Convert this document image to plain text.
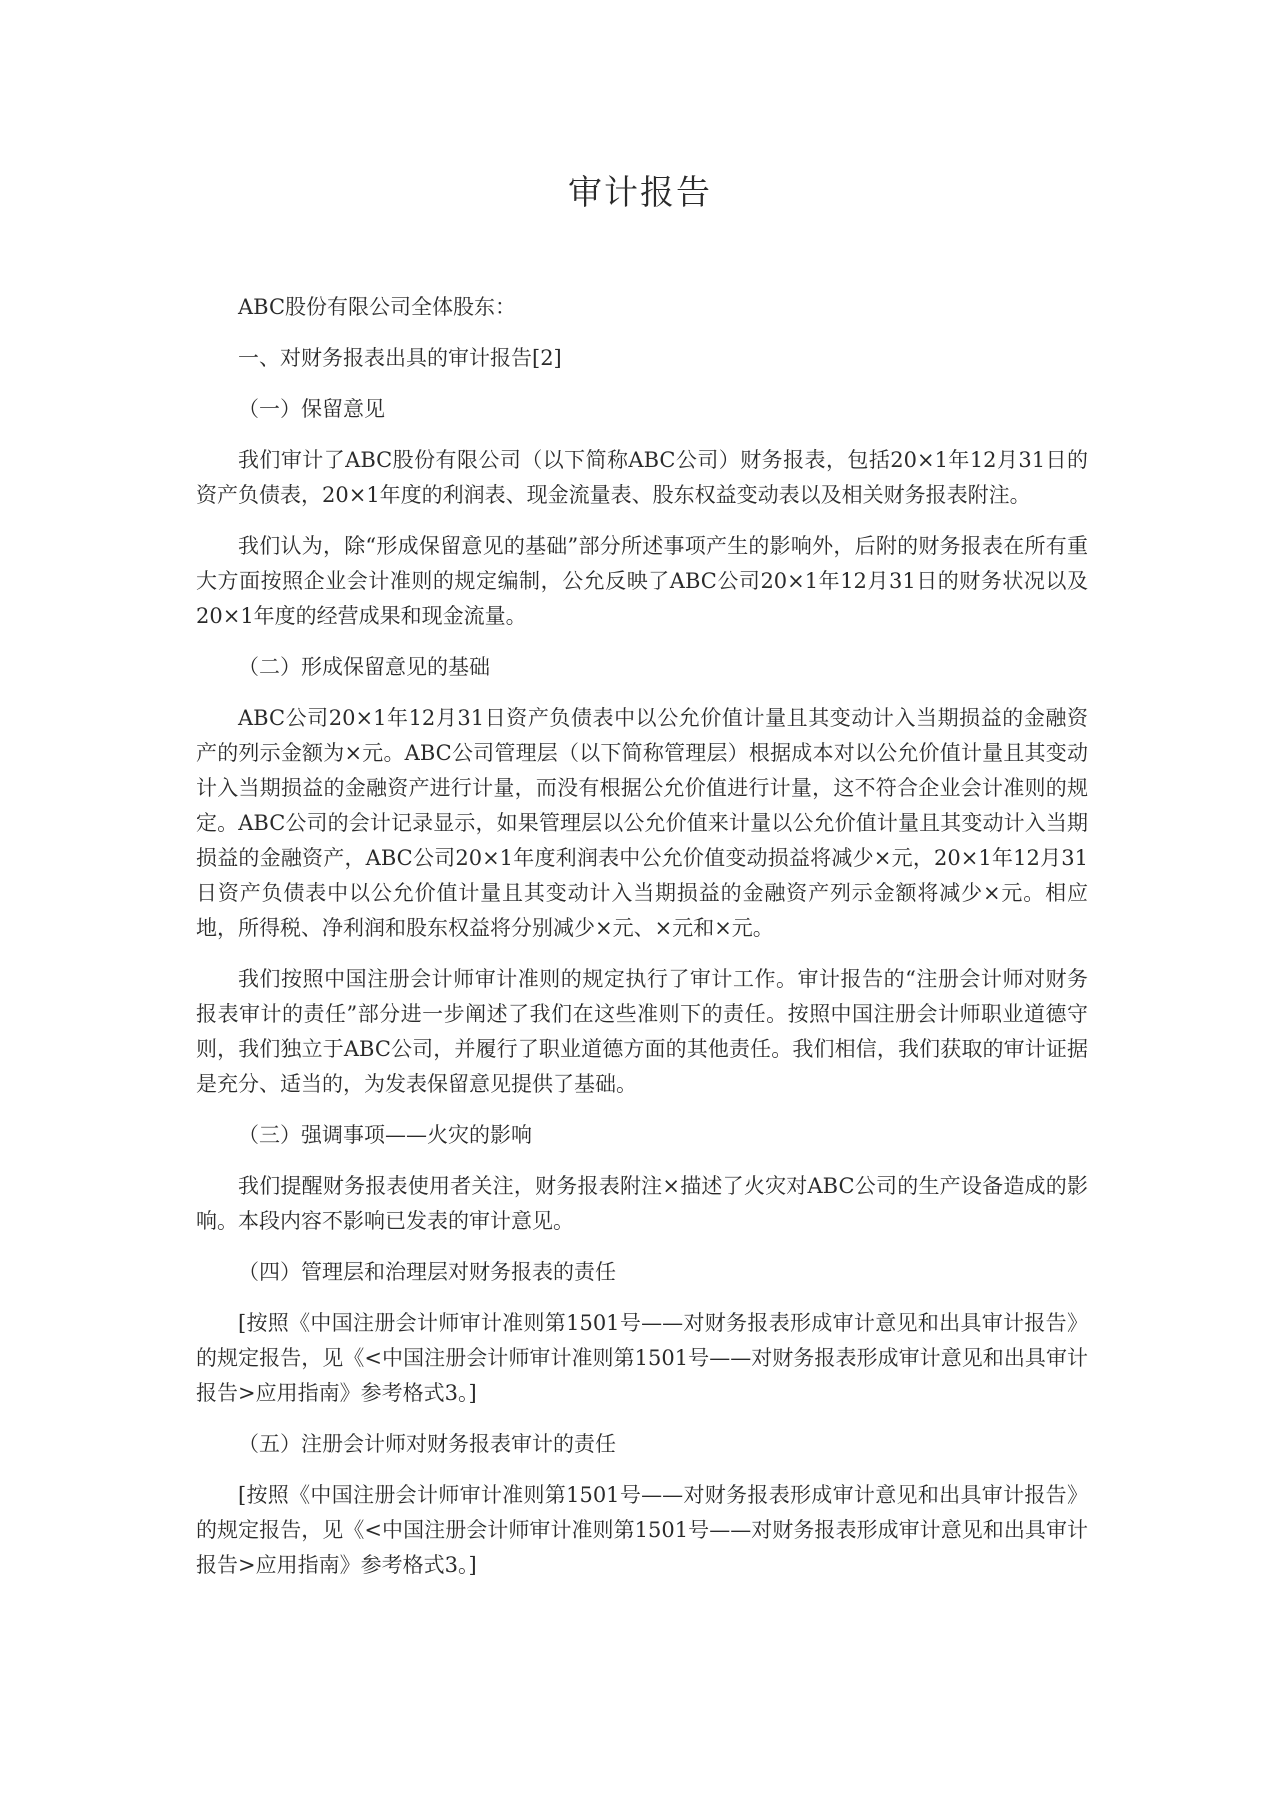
审计报告

ABC股份有限公司全体股东：

一、对财务报表出具的审计报告[2]

（一）保留意见

我们审计了ABC股份有限公司（以下简称ABC公司）财务报表，包括20×1年12月31日的资产负债表，20×1年度的利润表、现金流量表、股东权益变动表以及相关财务报表附注。

我们认为，除“形成保留意见的基础”部分所述事项产生的影响外，后附的财务报表在所有重大方面按照企业会计准则的规定编制，公允反映了ABC公司20×1年12月31日的财务状况以及20×1年度的经营成果和现金流量。

（二）形成保留意见的基础

ABC公司20×1年12月31日资产负债表中以公允价值计量且其变动计入当期损益的金融资产的列示金额为×元。ABC公司管理层（以下简称管理层）根据成本对以公允价值计量且其变动计入当期损益的金融资产进行计量，而没有根据公允价值进行计量，这不符合企业会计准则的规定。ABC公司的会计记录显示，如果管理层以公允价值来计量以公允价值计量且其变动计入当期损益的金融资产，ABC公司20×1年度利润表中公允价值变动损益将减少×元，20×1年12月31日资产负债表中以公允价值计量且其变动计入当期损益的金融资产列示金额将减少×元。相应地，所得税、净利润和股东权益将分别减少×元、×元和×元。

我们按照中国注册会计师审计准则的规定执行了审计工作。审计报告的“注册会计师对财务报表审计的责任”部分进一步阐述了我们在这些准则下的责任。按照中国注册会计师职业道德守则，我们独立于ABC公司，并履行了职业道德方面的其他责任。我们相信，我们获取的审计证据是充分、适当的，为发表保留意见提供了基础。

（三）强调事项——火灾的影响

我们提醒财务报表使用者关注，财务报表附注×描述了火灾对ABC公司的生产设备造成的影响。本段内容不影响已发表的审计意见。

（四）管理层和治理层对财务报表的责任

[按照《中国注册会计师审计准则第1501号——对财务报表形成审计意见和出具审计报告》的规定报告，见《<中国注册会计师审计准则第1501号——对财务报表形成审计意见和出具审计报告>应用指南》参考格式3。]

（五）注册会计师对财务报表审计的责任

[按照《中国注册会计师审计准则第1501号——对财务报表形成审计意见和出具审计报告》的规定报告，见《<中国注册会计师审计准则第1501号——对财务报表形成审计意见和出具审计报告>应用指南》参考格式3。]
